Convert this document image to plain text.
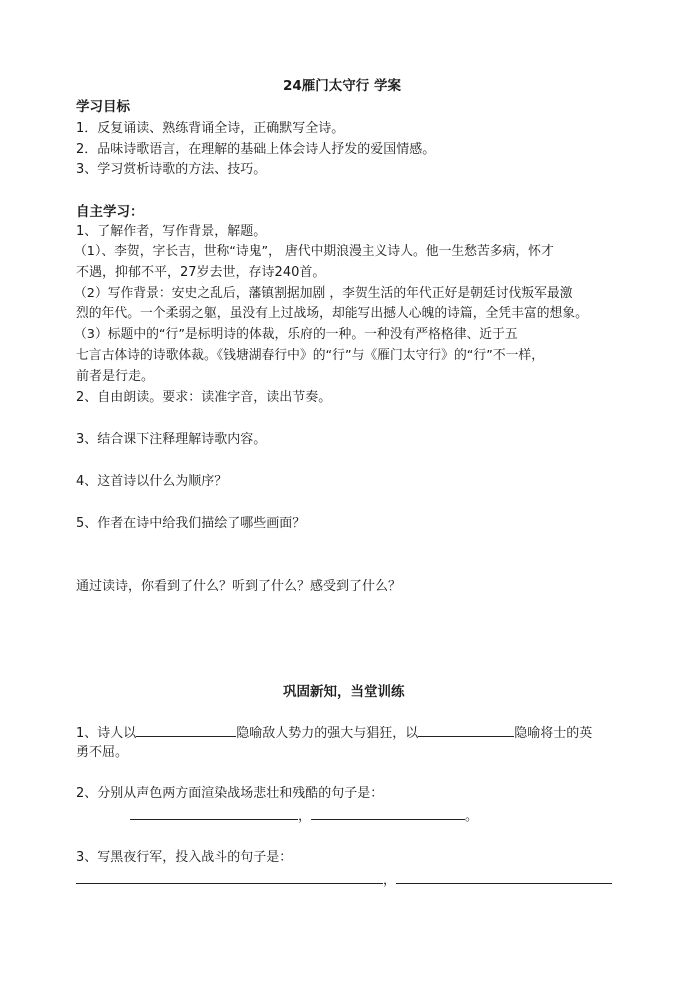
24雁门太守行 学案
学习目标
1．反复诵读、熟练背诵全诗，正确默写全诗。
2．品味诗歌语言，在理解的基础上体会诗人抒发的爱国情感。
3、学习赏析诗歌的方法、技巧。
自主学习：
1、了解作者，写作背景，解题。
（1）、李贺，字长吉，世称“诗鬼”， 唐代中期浪漫主义诗人。他一生愁苦多病，怀才
不遇，抑郁不平，27岁去世，存诗240首。
（2）写作背景：安史之乱后，藩镇割据加剧 ，李贺生活的年代正好是朝廷讨伐叛军最激
烈的年代。一个柔弱之躯，虽没有上过战场，却能写出撼人心魄的诗篇，全凭丰富的想象。
（3）标题中的“行”是标明诗的体裁，乐府的一种。一种没有严格格律、近于五
七言古体诗的诗歌体裁。《钱塘湖春行中》的“行”与《雁门太守行》的“行”不一样，
前者是行走。
2、自由朗读。要求：读准字音，读出节奏。
3、结合课下注释理解诗歌内容。
4、这首诗以什么为顺序？
5、作者在诗中给我们描绘了哪些画面？
通过读诗，你看到了什么？听到了什么？感受到了什么？
巩固新知，当堂训练
1、诗人以	隐喻敌人势力的强大与猖狂，以	隐喻将士的英
勇不屈。
2、分别从声色两方面渲染战场悲壮和残酷的句子是：
，	。
3、写黑夜行军，投入战斗的句子是：
，
